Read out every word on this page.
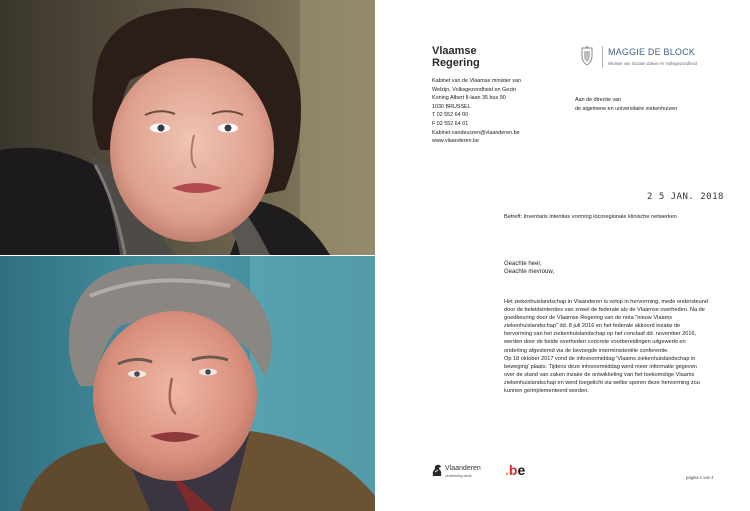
Vlaamse
Regering
Kabinet van de Vlaamse minister van
Welzijn, Volksgezondheid en Gezin
Koning Albert II-laan 35 bus 90
1030 BRUSSEL
T 02 552 64 00
F 02 552 64 01
Kabinet.vandeurzen@vlaanderen.be
www.vlaanderen.be
MAGGIE DE BLOCK
Minister van Sociale Zaken en Volksgezondheid
Aan de directie van
de algemene en universitaire ziekenhuizen
2 5 JAN. 2018
Betreft: Inventaris intenties vorming locoregionale klinische netwerken
Geachte heer,
Geachte mevrouw,
Het ziekenhuislandschap in Vlaanderen is volop in hervorming, mede ondersteund
door de beleidsintenties van zowel de federale als de Vlaamse overheden. Na de
goedkeuring door de Vlaamse Regering van de nota "nieuw Vlaams
ziekenhuislandschap" dd. 8 juli 2016 en het federale akkoord inzake de
hervorming van het ziekenhuislandschap op het conclaaf dd. november 2016,
werden door de beide overheden concrete voorbereidingen uitgewerkt en
onderling afgestemd via de bevoegde interministeriële conferentie.
Op 18 oktober 2017 vond de infovoormiddag 'Vlaams ziekenhuislandschap in
beweging' plaats. Tijdens deze infovoormiddag werd meer informatie gegeven
over de stand van zaken inzake de ontwikkeling van het toekomstige Vlaams
ziekenhuislandschap en werd toegelicht via welke sporen deze hervorming zou
kunnen geïmplementeerd worden.
Vlaanderen
verbeelding werkt .be	pagina 1 van 4
